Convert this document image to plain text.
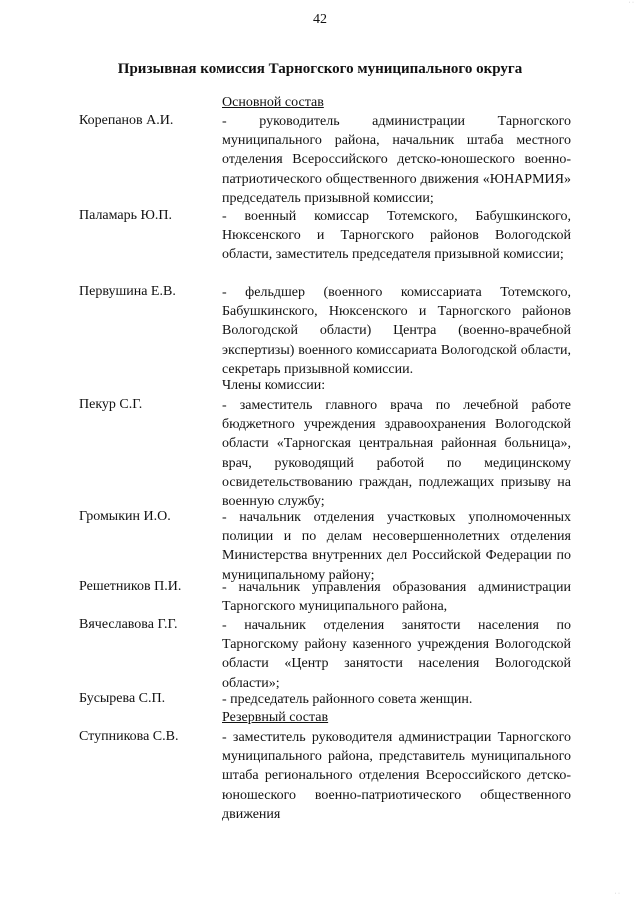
42
Призывная комиссия Тарногского муниципального округа
Основной состав
Корепанов А.И.	- руководитель администрации Тарногского муниципального района, начальник штаба местного отделения Всероссийского детско-юношеского военно-патриотического общественного движения «ЮНАРМИЯ» председатель призывной комиссии;
Паламарь Ю.П.	- военный комиссар Тотемского, Бабушкинского, Нюксенского и Тарногского районов Вологодской области, заместитель председателя призывной комиссии;
Первушина Е.В.	- фельдшер (военного комиссариата Тотемского, Бабушкинского, Нюксенского и Тарногского районов Вологодской области) Центра (военно-врачебной экспертизы) военного комиссариата Вологодской области, секретарь призывной комиссии.
Члены комиссии:
Пекур С.Г.	- заместитель главного врача по лечебной работе бюджетного учреждения здравоохранения Вологодской области «Тарногская центральная районная больница», врач, руководящий работой по медицинскому освидетельствованию граждан, подлежащих призыву на военную службу;
Громыкин И.О.	- начальник отделения участковых уполномоченных полиции и по делам несовершеннолетних отделения Министерства внутренних дел Российской Федерации по муниципальному району;
Решетников П.И.	- начальник управления образования администрации Тарногского муниципального района,
Вячеславова Г.Г.	- начальник отделения занятости населения по Тарногскому району казенного учреждения Вологодской области «Центр занятости населения Вологодской области»;
Бусырева С.П.	- председатель районного совета женщин.
Резервный состав
Ступникова С.В.	- заместитель руководителя администрации Тарногского муниципального района, представитель муниципального штаба регионального отделения Всероссийского детско-юношеского военно-патриотического общественного движения
· ·
· ·
